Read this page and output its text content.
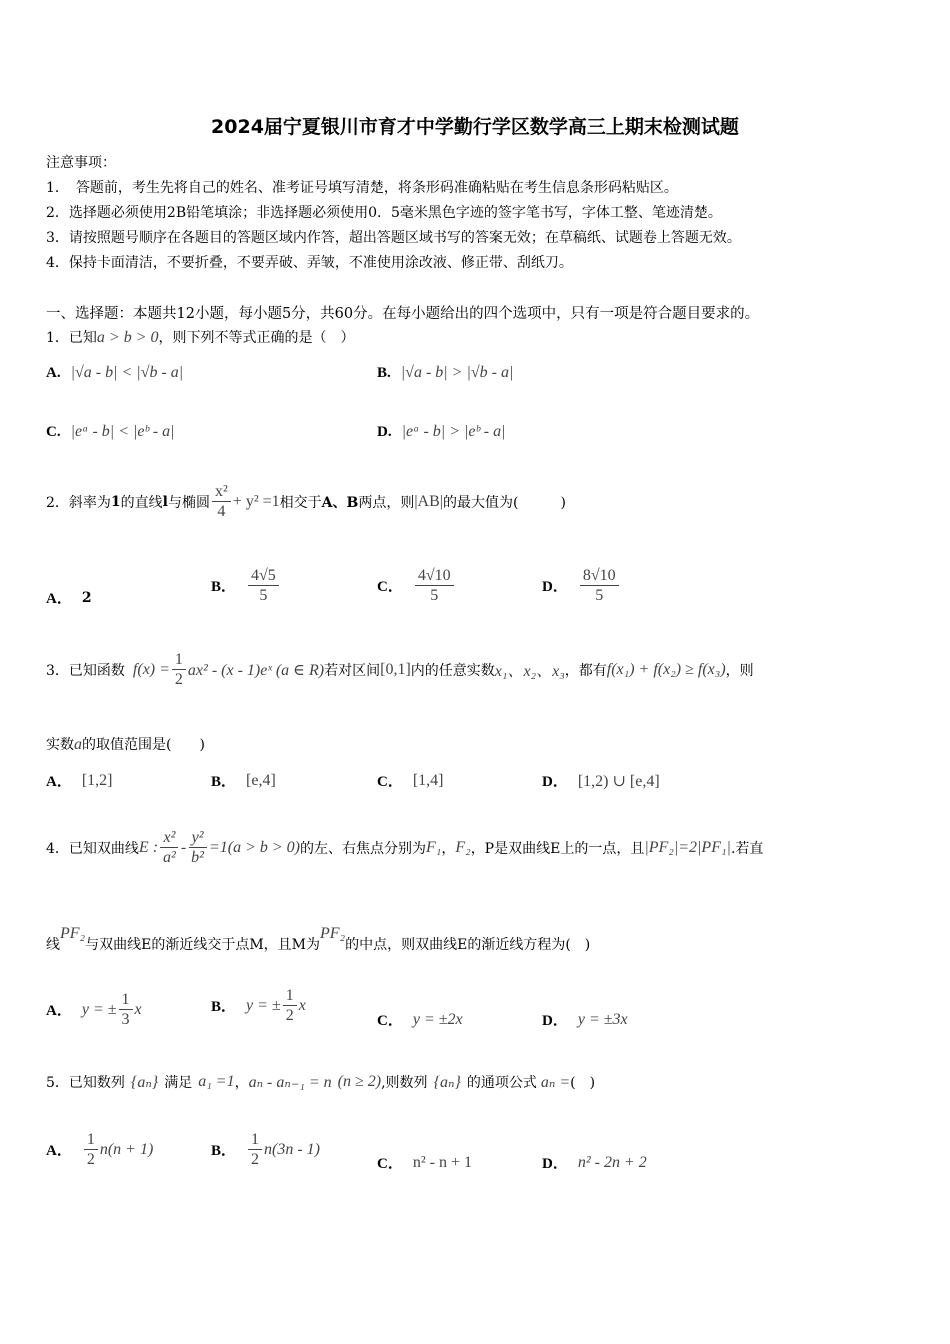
2024届宁夏银川市育才中学勤行学区数学高三上期末检测试题
注意事项：
1．　答题前，考生先将自己的姓名、准考证号填写清楚，将条形码准确粘贴在考生信息条形码粘贴区。
2．选择题必须使用2B铅笔填涂；非选择题必须使用0．5毫米黑色字迹的签字笔书写，字体工整、笔迹清楚。
3．请按照题号顺序在各题目的答题区域内作答，超出答题区域书写的答案无效；在草稿纸、试题卷上答题无效。
4．保持卡面清洁，不要折叠，不要弄破、弄皱，不准使用涂改液、修正带、刮纸刀。
一、选择题：本题共12小题，每小题5分，共60分。在每小题给出的四个选项中，只有一项是符合题目要求的。
1．已知a > b > 0，则下列不等式正确的是（　）
A. |√a - b| < |√b - a|	B. |√a - b| > |√b - a|
C. |eᵃ - b| < |eᵇ - a|	D. |eᵃ - b| > |eᵇ - a|
2．斜率为 1 的直线 l 与椭圆 $\frac{\text{x²}}{4} + y^2 =1$ 相交于 A、B 两点，则 |AB| 的最大值为(　　　)
A． 2
B． $\frac{4√5}{5}$	C． $\frac{4√10}{5}$	D． $\frac{8√10}{5}$
3．已知函数 $f(x) = \frac{1}{2} ax^2 - (x$ - 1)eˣ (a ∈ R) 若对区间 [0,1] 内的任意实数 x₁、x₂、x₃ ，都有 f(x₁) + f(x₂) ≥ f(x₃) ，则
实数a的取值范围是(　　)
A． [1,2]	B． [e,4]	C． [1,4]	D． [1,2) ∪ [e,4]
4．已知双曲线 E : $\frac{\text{x²}}{\text{a²}} - \frac{\text{y²}}{\text{b²}} =1(a > b > 0)$ 的左、右焦点分别为 F₁ ， F₂ ，P是双曲线E上的一点，且 |PF₂|=2|PF₁| .若直
线
PF₂
与双曲线E的渐近线交于点M，且M为
PF₂
的中点，则双曲线E的渐近线方程为(　)
A． y = ± $\frac{1}{3}$ x	B． y = ± $\frac{1}{2}$ x
C． y = ±2x	D． y = ±3x
5．已知数列 {aₙ} 满足 a₁ =1 ， aₙ - aₙ₋₁ = n (n ≥ 2) ,则数列 {aₙ} 的通项公式 aₙ = (　)
A． $\frac{1}{2} n(n + 1)$	B． $\frac{1}{2} n(3n - 1)$
C． n² - n + 1	D． n² - 2n + 2
